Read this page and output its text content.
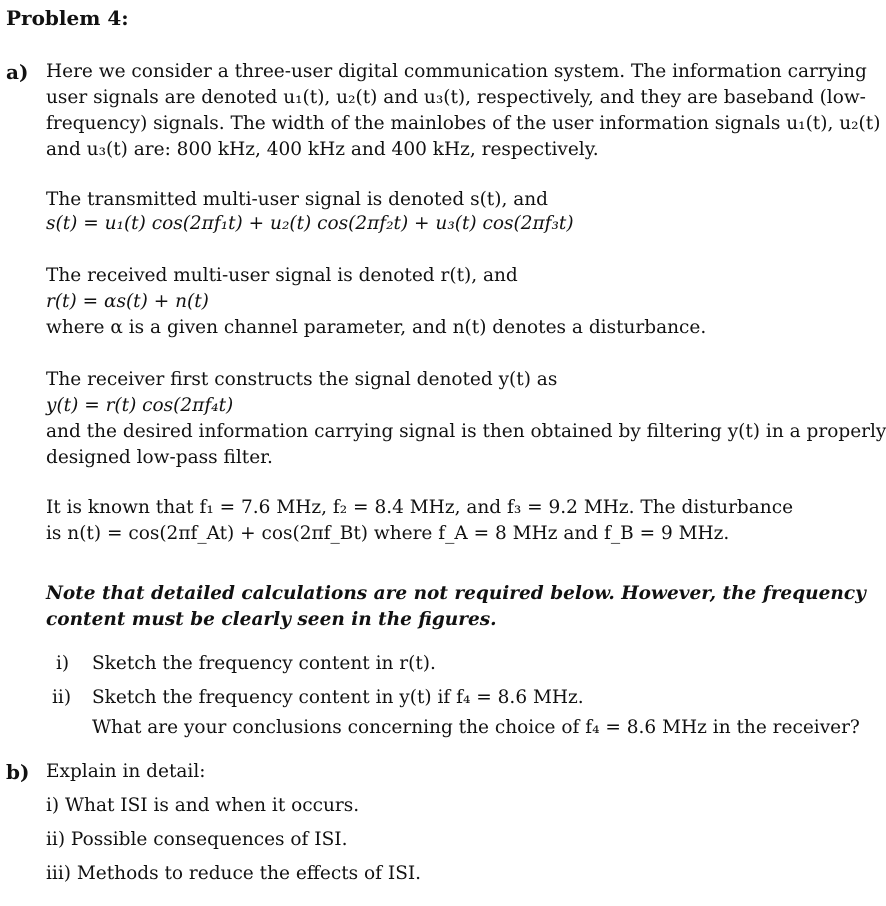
Problem 4:
a) Here we consider a three-user digital communication system. The information carrying
user signals are denoted u₁(t), u₂(t) and u₃(t), respectively, and they are baseband (low-
frequency) signals. The width of the mainlobes of the user information signals u₁(t), u₂(t)
and u₃(t) are: 800 kHz, 400 kHz and 400 kHz, respectively.
The transmitted multi-user signal is denoted s(t), and
s(t) = u₁(t) cos(2πf₁t) + u₂(t) cos(2πf₂t) + u₃(t) cos(2πf₃t)
The received multi-user signal is denoted r(t), and
r(t) = αs(t) + n(t)
where α is a given channel parameter, and n(t) denotes a disturbance.
The receiver first constructs the signal denoted y(t) as
y(t) = r(t) cos(2πf₄t)
and the desired information carrying signal is then obtained by filtering y(t) in a properly
designed low-pass filter.
It is known that f₁ = 7.6 MHz, f₂ = 8.4 MHz, and f₃ = 9.2 MHz. The disturbance
is n(t) = cos(2πf_At) + cos(2πf_Bt) where f_A = 8 MHz and f_B = 9 MHz.
Note that detailed calculations are not required below. However, the frequency
content must be clearly seen in the figures.
i) Sketch the frequency content in r(t).
ii) Sketch the frequency content in y(t) if f₄ = 8.6 MHz.
What are your conclusions concerning the choice of f₄ = 8.6 MHz in the receiver?
b) Explain in detail:
i) What ISI is and when it occurs.
ii) Possible consequences of ISI.
iii) Methods to reduce the effects of ISI.
